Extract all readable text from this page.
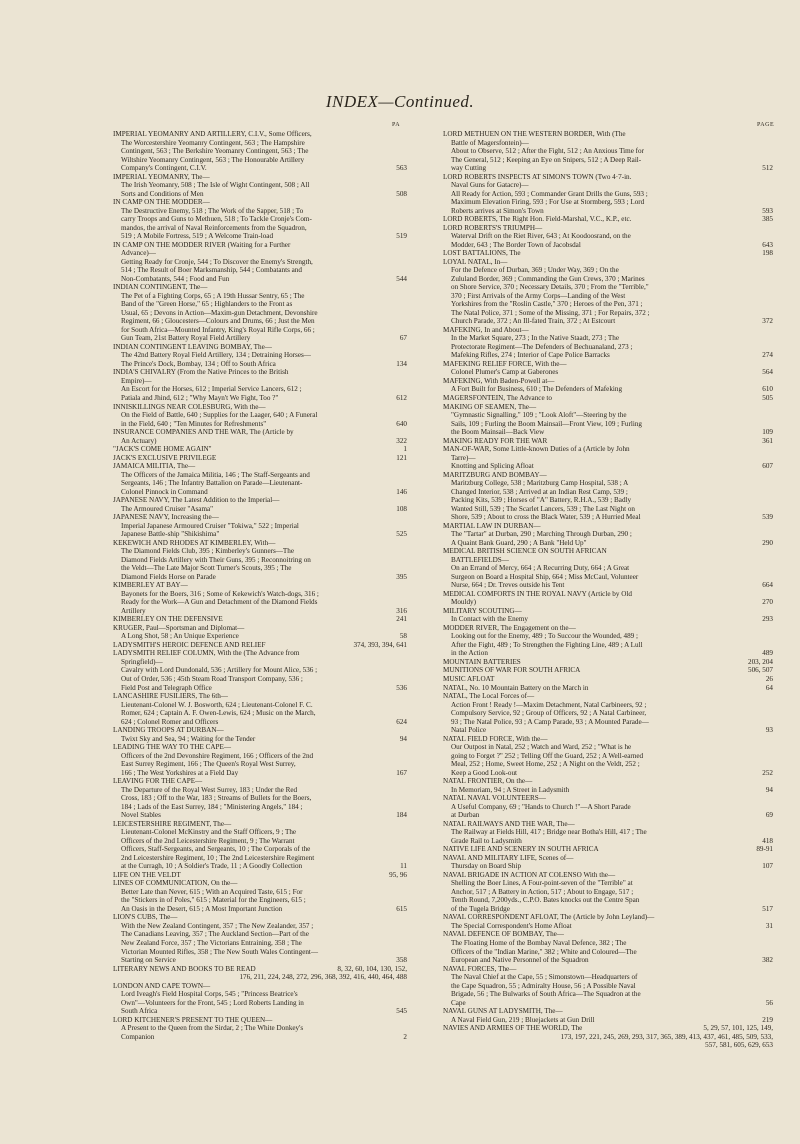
INDEX—Continued.
PA	PAGE
IMPERIAL YEOMANRY AND ARTILLERY, C.I.V., Some Officers,
The Worcestershire Yeomanry Contingent, 563 ; The Hampshire
Contingent, 563 ; The Berkshire Yeomanry Contingent, 563 ; The
Wiltshire Yeomanry Contingent, 563 ; The Honourable Artillery
Company's Contingent, C.I.V.	563
IMPERIAL YEOMANRY, The—
The Irish Yeomanry, 508 ; The Isle of Wight Contingent, 508 ; All
Sorts and Conditions of Men	508
IN CAMP ON THE MODDER—
The Destructive Enemy, 518 ; The Work of the Sapper, 518 ; To
carry Troops and Guns to Methuen, 518 ; To Tackle Cronje's Com-
mandos, the arrival of Naval Reinforcements from the Squadron,
519 ; A Mobile Fortress, 519 ; A Welcome Train-load	519
IN CAMP ON THE MODDER RIVER (Waiting for a Further
Advance)—
Getting Ready for Cronje, 544 ; To Discover the Enemy's Strength,
514 ; The Result of Boer Marksmanship, 544 ; Combatants and
Non-Combatants, 544 ; Food and Fun	544
INDIAN CONTINGENT, The—
The Pet of a Fighting Corps, 65 ; A 19th Hussar Sentry, 65 ; The
Band of the "Green Horse," 65 ; Highlanders to the Front as
Usual, 65 ; Devons in Action—Maxim-gun Detachment, Devonshire
Regiment, 66 ; Gloucesters—Colours and Drums, 66 ; Just the Men
for South Africa—Mounted Infantry, King's Royal Rifle Corps, 66 ;
Gun Team, 21st Battery Royal Field Artillery	67
INDIAN CONTINGENT LEAVING BOMBAY, The—
The 42nd Battery Royal Field Artillery, 134 ; Detraining Horses—
The Prince's Dock, Bombay, 134 ; Off to South Africa	134
INDIA'S CHIVALRY (From the Native Princes to the British
Empire)—
An Escort for the Horses, 612 ; Imperial Service Lancers, 612 ;
Patiala and Jhind, 612 ; "Why Mayn't We Fight, Too ?"	612
INNISKILLINGS NEAR COLESBURG, With the—
On the Field of Battle, 640 ; Supplies for the Laager, 640 ; A Funeral
in the Field, 640 ; "Ten Minutes for Refreshments"	640
INSURANCE COMPANIES AND THE WAR, The (Article by
An Actuary)	322
"JACK'S COME HOME AGAIN"	1
JACK'S EXCLUSIVE PRIVILEGE	121
JAMAICA MILITIA, The—
The Officers of the Jamaica Militia, 146 ; The Staff-Sergeants and
Sergeants, 146 ; The Infantry Battalion on Parade—Lieutenant-
Colonel Pinnock in Command	146
JAPANESE NAVY, The Latest Addition to the Imperial—
The Armoured Cruiser "Asama"	108
JAPANESE NAVY, Increasing the—
Imperial Japanese Armoured Cruiser "Tokiwa," 522 ; Imperial
Japanese Battle-ship "Shikishima"	525
KEKEWICH AND RHODES AT KIMBERLEY, With—
The Diamond Fields Club, 395 ; Kimberley's Gunners—The
Diamond Fields Artillery with Their Guns, 395 ; Reconnoitring on
the Veldt—The Late Major Scott Turner's Scouts, 395 ; The
Diamond Fields Horse on Parade	395
KIMBERLEY AT BAY—
Bayonets for the Boers, 316 ; Some of Kekewich's Watch-dogs, 316 ;
Ready for the Work—A Gun and Detachment of the Diamond Fields
Artillery	316
KIMBERLEY ON THE DEFENSIVE	241
KRUGER, Paul—Sportsman and Diplomat—
A Long Shot, 58 ; An Unique Experience	58
LADYSMITH'S HEROIC DEFENCE AND RELIEF	374, 393, 394, 641
LADYSMITH RELIEF COLUMN, With the (The Advance from
Springfield)—
Cavalry with Lord Dundonald, 536 ; Artillery for Mount Alice, 536 ;
Out of Order, 536 ; 45th Steam Road Transport Company, 536 ;
Field Post and Telegraph Office	536
LANCASHIRE FUSILIERS, The 6th—
Lieutenant-Colonel W. J. Bosworth, 624 ; Lieutenant-Colonel F. C.
Romer, 624 ; Captain A. F. Owen-Lewis, 624 ; Music on the March,
624 ; Colonel Romer and Officers	624
LANDING TROOPS AT DURBAN—
Twixt Sky and Sea, 94 ; Waiting for the Tender	94
LEADING THE WAY TO THE CAPE—
Officers of the 2nd Devonshire Regiment, 166 ; Officers of the 2nd
East Surrey Regiment, 166 ; The Queen's Royal West Surrey,
166 ; The West Yorkshires at a Field Day	167
LEAVING FOR THE CAPE—
The Departure of the Royal West Surrey, 183 ; Under the Red
Cross, 183 ; Off to the War, 183 ; Streams of Bullets for the Boers,
184 ; Lads of the East Surrey, 184 ; "Ministering Angels," 184 ;
Novel Stables	184
LEICESTERSHIRE REGIMENT, The—
Lieutenant-Colonel McKinstry and the Staff Officers, 9 ; The
Officers of the 2nd Leicestershire Regiment, 9 ; The Warrant
Officers, Staff-Sergeants, and Sergeants, 10 ; The Corporals of the
2nd Leicestershire Regiment, 10 ; The 2nd Leicestershire Regiment
at the Curragh, 10 ; A Soldier's Trade, 11 ; A Goodly Collection	11
LIFE ON THE VELDT	95, 96
LINES OF COMMUNICATION, On the—
Better Late than Never, 615 ; With an Acquired Taste, 615 ; For
the "Stickers in of Poles," 615 ; Material for the Engineers, 615 ;
An Oasis in the Desert, 615 ; A Most Important Junction	615
LION'S CUBS, The—
With the New Zealand Contingent, 357 ; The New Zealander, 357 ;
The Canadians Leaving, 357 ; The Auckland Section—Part of the
New Zealand Force, 357 ; The Victorians Entraining, 358 ; The
Victorian Mounted Rifles, 358 ; The New South Wales Contingent—
Starting on Service	358
LITERARY NEWS AND BOOKS TO BE READ	8, 32, 60, 104, 130, 152,
176, 211, 224, 248, 272, 296, 368, 392, 416, 440, 464, 488
LONDON AND CAPE TOWN—
Lord Iveagh's Field Hospital Corps, 545 ; "Princess Beatrice's
Own"—Volunteers for the Front, 545 ; Lord Roberts Landing in
South Africa	545
LORD KITCHENER'S PRESENT TO THE QUEEN—
A Present to the Queen from the Sirdar, 2 ; The White Donkey's
Companion	2
LORD METHUEN ON THE WESTERN BORDER, With (The
Battle of Magersfontein)—
About to Observe, 512 ; After the Fight, 512 ; An Anxious Time for
The General, 512 ; Keeping an Eye on Snipers, 512 ; A Deep Rail-
way Cutting	512
LORD ROBERTS INSPECTS AT SIMON'S TOWN (Two 4·7-in.
Naval Guns for Gatacre)—
All Ready for Action, 593 ; Commander Grant Drills the Guns, 593 ;
Maximum Elevation Firing, 593 ; For Use at Stormberg, 593 ; Lord
Roberts arrives at Simon's Town	593
LORD ROBERTS, The Right Hon. Field-Marshal, V.C., K.P., etc.	385
LORD ROBERTS'S TRIUMPH—
Waterval Drift on the Riet River, 643 ; At Koodoosrand, on the
Modder, 643 ; The Border Town of Jacobsdal	643
LOST BATTALIONS, The	198
LOYAL NATAL, In—
For the Defence of Durban, 369 ; Under Way, 369 ; On the
Zululand Border, 369 ; Commanding the Gun Crews, 370 ; Marines
on Shore Service, 370 ; Necessary Details, 370 ; From the "Terrible,"
370 ; First Arrivals of the Army Corps—Landing of the West
Yorkshires from the "Roslin Castle," 370 ; Heroes of the Pen, 371 ;
The Natal Police, 371 ; Some of the Missing, 371 ; For Repairs, 372 ;
Church Parade, 372 ; An Ill-fated Train, 372 ; At Estcourt	372
MAFEKING, In and About—
In the Market Square, 273 ; In the Native Staadt, 273 ; The
Protectorate Regiment—The Defenders of Bechuanaland, 273 ;
Mafeking Rifles, 274 ; Interior of Cape Police Barracks	274
MAFEKING RELIEF FORCE, With the—
Colonel Plumer's Camp at Gaberones	564
MAFEKING, With Baden-Powell at—
A Fort Built for Business, 610 ; The Defenders of Mafeking	610
MAGERSFONTEIN, The Advance to	505
MAKING OF SEAMEN, The—
"Gymnastic Signalling," 109 ; "Look Aloft"—Steering by the
Sails, 109 ; Furling the Boom Mainsail—Front View, 109 ; Furling
the Boom Mainsail—Back View	109
MAKING READY FOR THE WAR	361
MAN-OF-WAR, Some Little-known Duties of a (Article by John
Tarre)—
Knotting and Splicing Afloat	607
MARITZBURG AND BOMBAY—
Maritzburg College, 538 ; Maritzburg Camp Hospital, 538 ; A
Changed Interior, 538 ; Arrived at an Indian Rest Camp, 539 ;
Packing Kits, 539 ; Horses of "A" Battery, R.H.A., 539 ; Badly
Wanted Still, 539 ; The Scarlet Lancers, 539 ; The Last Night on
Shore, 539 ; About to cross the Black Water, 539 ; A Hurried Meal	539
MARTIAL LAW IN DURBAN—
The "Tartar" at Durban, 290 ; Marching Through Durban, 290 ;
A Quaint Bank Guard, 290 ; A Bank "Held Up"	290
MEDICAL BRITISH SCIENCE ON SOUTH AFRICAN
BATTLEFIELDS—
On an Errand of Mercy, 664 ; A Recurring Duty, 664 ; A Great
Surgeon on Board a Hospital Ship, 664 ; Miss McCaul, Volunteer
Nurse, 664 ; Dr. Treves outside his Tent	664
MEDICAL COMFORTS IN THE ROYAL NAVY (Article by Old
Mouldy)	270
MILITARY SCOUTING—
In Contact with the Enemy	293
MODDER RIVER, The Engagement on the—
Looking out for the Enemy, 489 ; To Succour the Wounded, 489 ;
After the Fight, 489 ; To Strengthen the Fighting Line, 489 ; A Lull
in the Action	489
MOUNTAIN BATTERIES	203, 204
MUNITIONS OF WAR FOR SOUTH AFRICA	506, 507
MUSIC AFLOAT	26
NATAL, No. 10 Mountain Battery on the March in	64
NATAL, The Local Forces of—
Action Front ! Ready !—Maxim Detachment, Natal Carbineers, 92 ;
Compulsory Service, 92 ; Group of Officers, 92 ; A Natal Carbineer,
93 ; The Natal Police, 93 ; A Camp Parade, 93 ; A Mounted Parade—
Natal Police	93
NATAL FIELD FORCE, With the—
Our Outpost in Natal, 252 ; Watch and Ward, 252 ; "What is he
going to Forget ?" 252 ; Telling Off the Guard, 252 ; A Well-earned
Meal, 252 ; Home, Sweet Home, 252 ; A Night on the Veldt, 252 ;
Keep a Good Look-out	252
NATAL FRONTIER, On the—
In Memoriam, 94 ; A Street in Ladysmith	94
NATAL NAVAL VOLUNTEERS—
A Useful Company, 69 ; "Hands to Church !"—A Short Parade
at Durban	69
NATAL RAILWAYS AND THE WAR, The—
The Railway at Fields Hill, 417 ; Bridge near Botha's Hill, 417 ; The
Grade Rail to Ladysmith	418
NATIVE LIFE AND SCENERY IN SOUTH AFRICA	89-91
NAVAL AND MILITARY LIFE, Scenes of—
Thursday on Board Ship	107
NAVAL BRIGADE IN ACTION AT COLENSO With the—
Shelling the Boer Lines, A Four-point-seven of the "Terrible" at
Anchor, 517 ; A Battery in Action, 517 ; About to Engage, 517 ;
Tenth Round, 7,200yds., C.P.O. Bates knocks out the Centre Span
of the Tugela Bridge	517
NAVAL CORRESPONDENT AFLOAT, The (Article by John Leyland)—
The Special Correspondent's Home Afloat	31
NAVAL DEFENCE OF BOMBAY, The—
The Floating Home of the Bombay Naval Defence, 382 ; The
Officers of the "Indian Marine," 382 ; White and Coloured—The
European and Native Personnel of the Squadron	382
NAVAL FORCES, The—
The Naval Chief at the Cape, 55 ; Simonstown—Headquarters of
the Cape Squadron, 55 ; Admiralty House, 56 ; A Possible Naval
Brigade, 56 ; The Bulwarks of South Africa—The Squadron at the
Cape	56
NAVAL GUNS AT LADYSMITH, The—
A Naval Field Gun, 219 ; Bluejackets at Gun Drill	219
NAVIES AND ARMIES OF THE WORLD, The	5, 29, 57, 101, 125, 149,
173, 197, 221, 245, 269, 293, 317, 365, 389, 413, 437, 461, 485, 509, 533,
557, 581, 605, 629, 653
